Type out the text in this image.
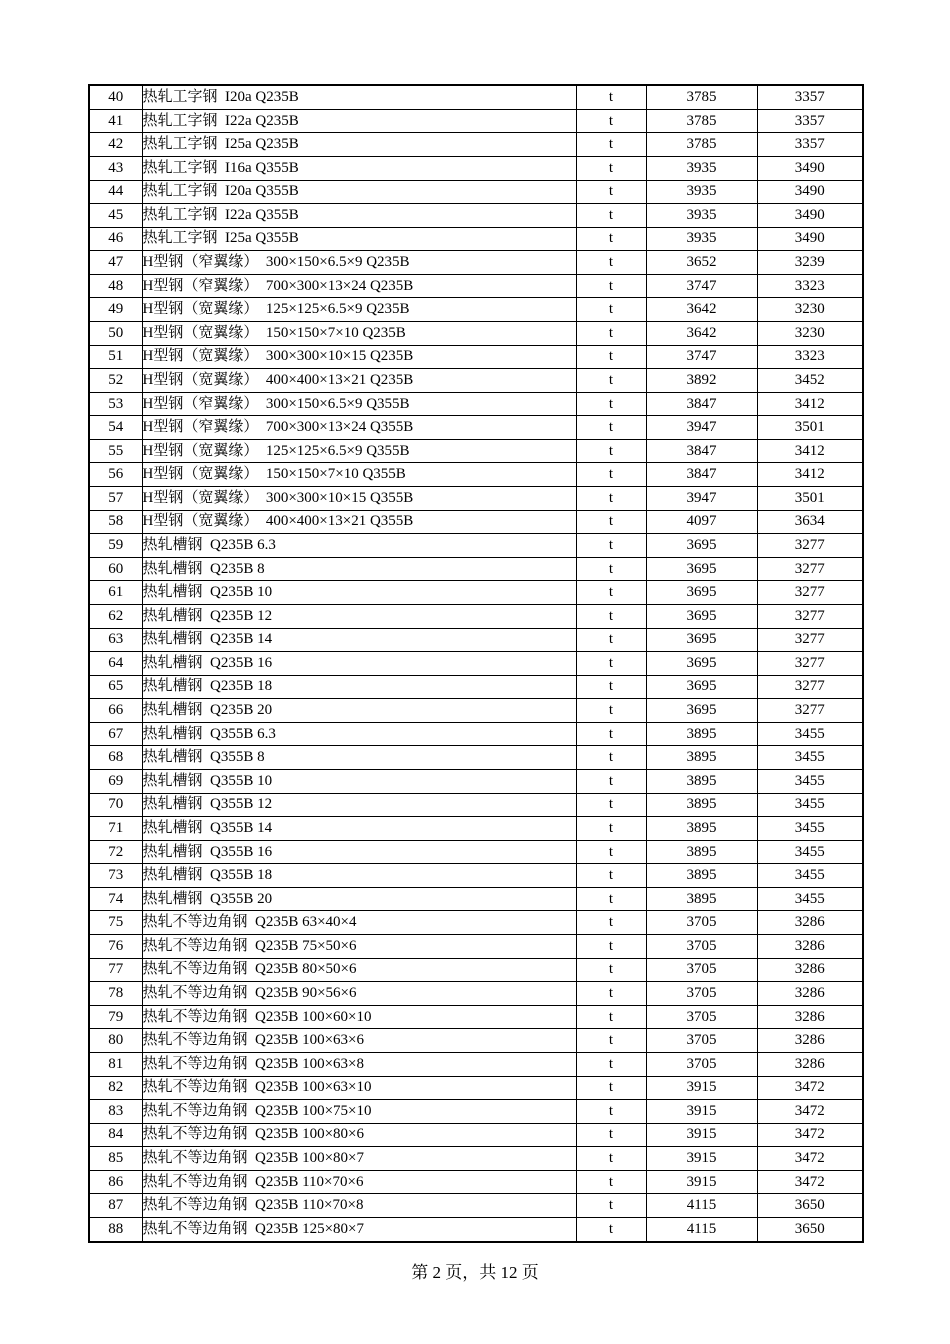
40	热轧工字钢  I20a Q235B	t	3785	3357
41	热轧工字钢  I22a Q235B	t	3785	3357
42	热轧工字钢  I25a Q235B	t	3785	3357
43	热轧工字钢  I16a Q355B	t	3935	3490
44	热轧工字钢  I20a Q355B	t	3935	3490
45	热轧工字钢  I22a Q355B	t	3935	3490
46	热轧工字钢  I25a Q355B	t	3935	3490
47	H型钢（窄翼缘）  300×150×6.5×9 Q235B	t	3652	3239
48	H型钢（窄翼缘）  700×300×13×24 Q235B	t	3747	3323
49	H型钢（宽翼缘）  125×125×6.5×9 Q235B	t	3642	3230
50	H型钢（宽翼缘）  150×150×7×10 Q235B	t	3642	3230
51	H型钢（宽翼缘）  300×300×10×15 Q235B	t	3747	3323
52	H型钢（宽翼缘）  400×400×13×21 Q235B	t	3892	3452
53	H型钢（窄翼缘）  300×150×6.5×9 Q355B	t	3847	3412
54	H型钢（窄翼缘）  700×300×13×24 Q355B	t	3947	3501
55	H型钢（宽翼缘）  125×125×6.5×9 Q355B	t	3847	3412
56	H型钢（宽翼缘）  150×150×7×10 Q355B	t	3847	3412
57	H型钢（宽翼缘）  300×300×10×15 Q355B	t	3947	3501
58	H型钢（宽翼缘）  400×400×13×21 Q355B	t	4097	3634
59	热轧槽钢  Q235B 6.3	t	3695	3277
60	热轧槽钢  Q235B 8	t	3695	3277
61	热轧槽钢  Q235B 10	t	3695	3277
62	热轧槽钢  Q235B 12	t	3695	3277
63	热轧槽钢  Q235B 14	t	3695	3277
64	热轧槽钢  Q235B 16	t	3695	3277
65	热轧槽钢  Q235B 18	t	3695	3277
66	热轧槽钢  Q235B 20	t	3695	3277
67	热轧槽钢  Q355B 6.3	t	3895	3455
68	热轧槽钢  Q355B 8	t	3895	3455
69	热轧槽钢  Q355B 10	t	3895	3455
70	热轧槽钢  Q355B 12	t	3895	3455
71	热轧槽钢  Q355B 14	t	3895	3455
72	热轧槽钢  Q355B 16	t	3895	3455
73	热轧槽钢  Q355B 18	t	3895	3455
74	热轧槽钢  Q355B 20	t	3895	3455
75	热轧不等边角钢  Q235B 63×40×4	t	3705	3286
76	热轧不等边角钢  Q235B 75×50×6	t	3705	3286
77	热轧不等边角钢  Q235B 80×50×6	t	3705	3286
78	热轧不等边角钢  Q235B 90×56×6	t	3705	3286
79	热轧不等边角钢  Q235B 100×60×10	t	3705	3286
80	热轧不等边角钢  Q235B 100×63×6	t	3705	3286
81	热轧不等边角钢  Q235B 100×63×8	t	3705	3286
82	热轧不等边角钢  Q235B 100×63×10	t	3915	3472
83	热轧不等边角钢  Q235B 100×75×10	t	3915	3472
84	热轧不等边角钢  Q235B 100×80×6	t	3915	3472
85	热轧不等边角钢  Q235B 100×80×7	t	3915	3472
86	热轧不等边角钢  Q235B 110×70×6	t	3915	3472
87	热轧不等边角钢  Q235B 110×70×8	t	4115	3650
88	热轧不等边角钢  Q235B 125×80×7	t	4115	3650
第 2 页，共 12 页
